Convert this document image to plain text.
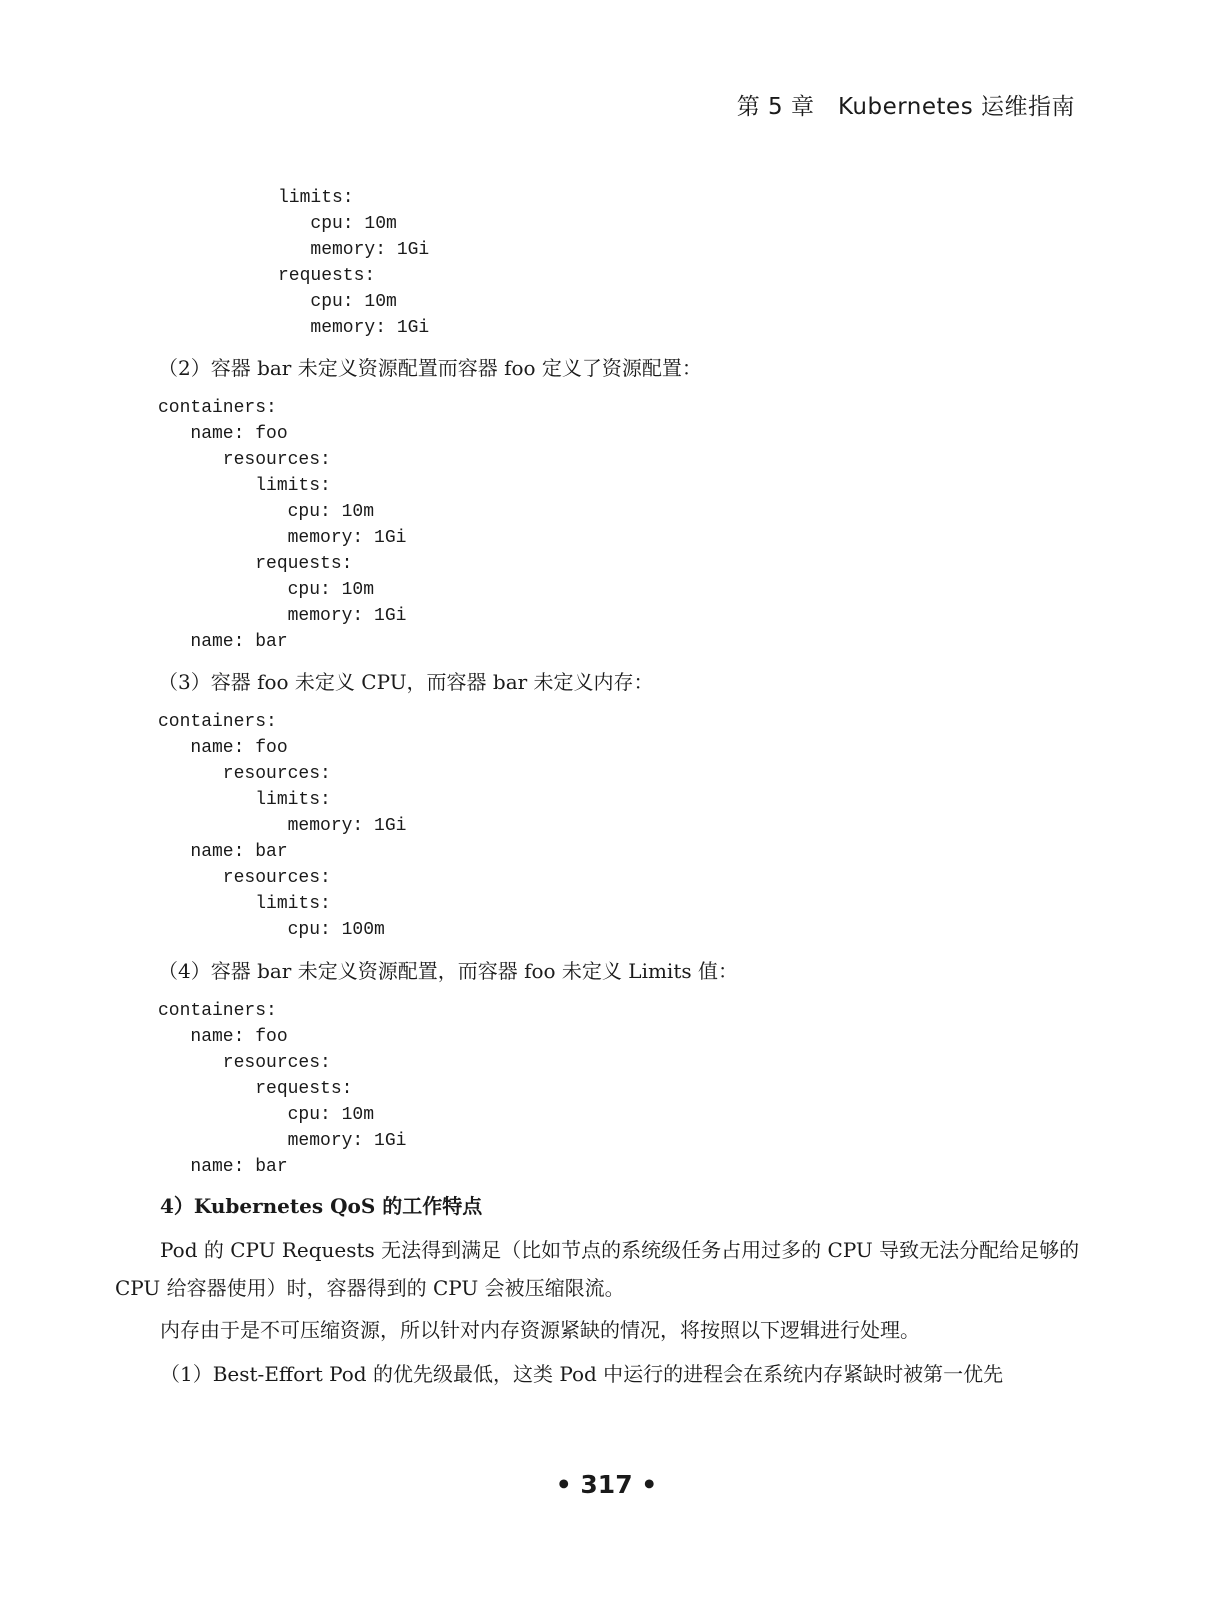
第 5 章　Kubernetes 运维指南
limits:
cpu: 10m
memory: 1Gi
requests:
cpu: 10m
memory: 1Gi
（2）容器 bar 未定义资源配置而容器 foo 定义了资源配置：
containers:
name: foo
resources:
limits:
cpu: 10m
memory: 1Gi
requests:
cpu: 10m
memory: 1Gi
name: bar
（3）容器 foo 未定义 CPU，而容器 bar 未定义内存：
containers:
name: foo
resources:
limits:
memory: 1Gi
name: bar
resources:
limits:
cpu: 100m
（4）容器 bar 未定义资源配置，而容器 foo 未定义 Limits 值：
containers:
name: foo
resources:
requests:
cpu: 10m
memory: 1Gi
name: bar
4）Kubernetes QoS 的工作特点

Pod 的 CPU Requests 无法得到满足（比如节点的系统级任务占用过多的 CPU 导致无法分配给足够的 CPU 给容器使用）时，容器得到的 CPU 会被压缩限流。

内存由于是不可压缩资源，所以针对内存资源紧缺的情况，将按照以下逻辑进行处理。

（1）Best-Effort Pod 的优先级最低，这类 Pod 中运行的进程会在系统内存紧缺时被第一优先

• 317 •
